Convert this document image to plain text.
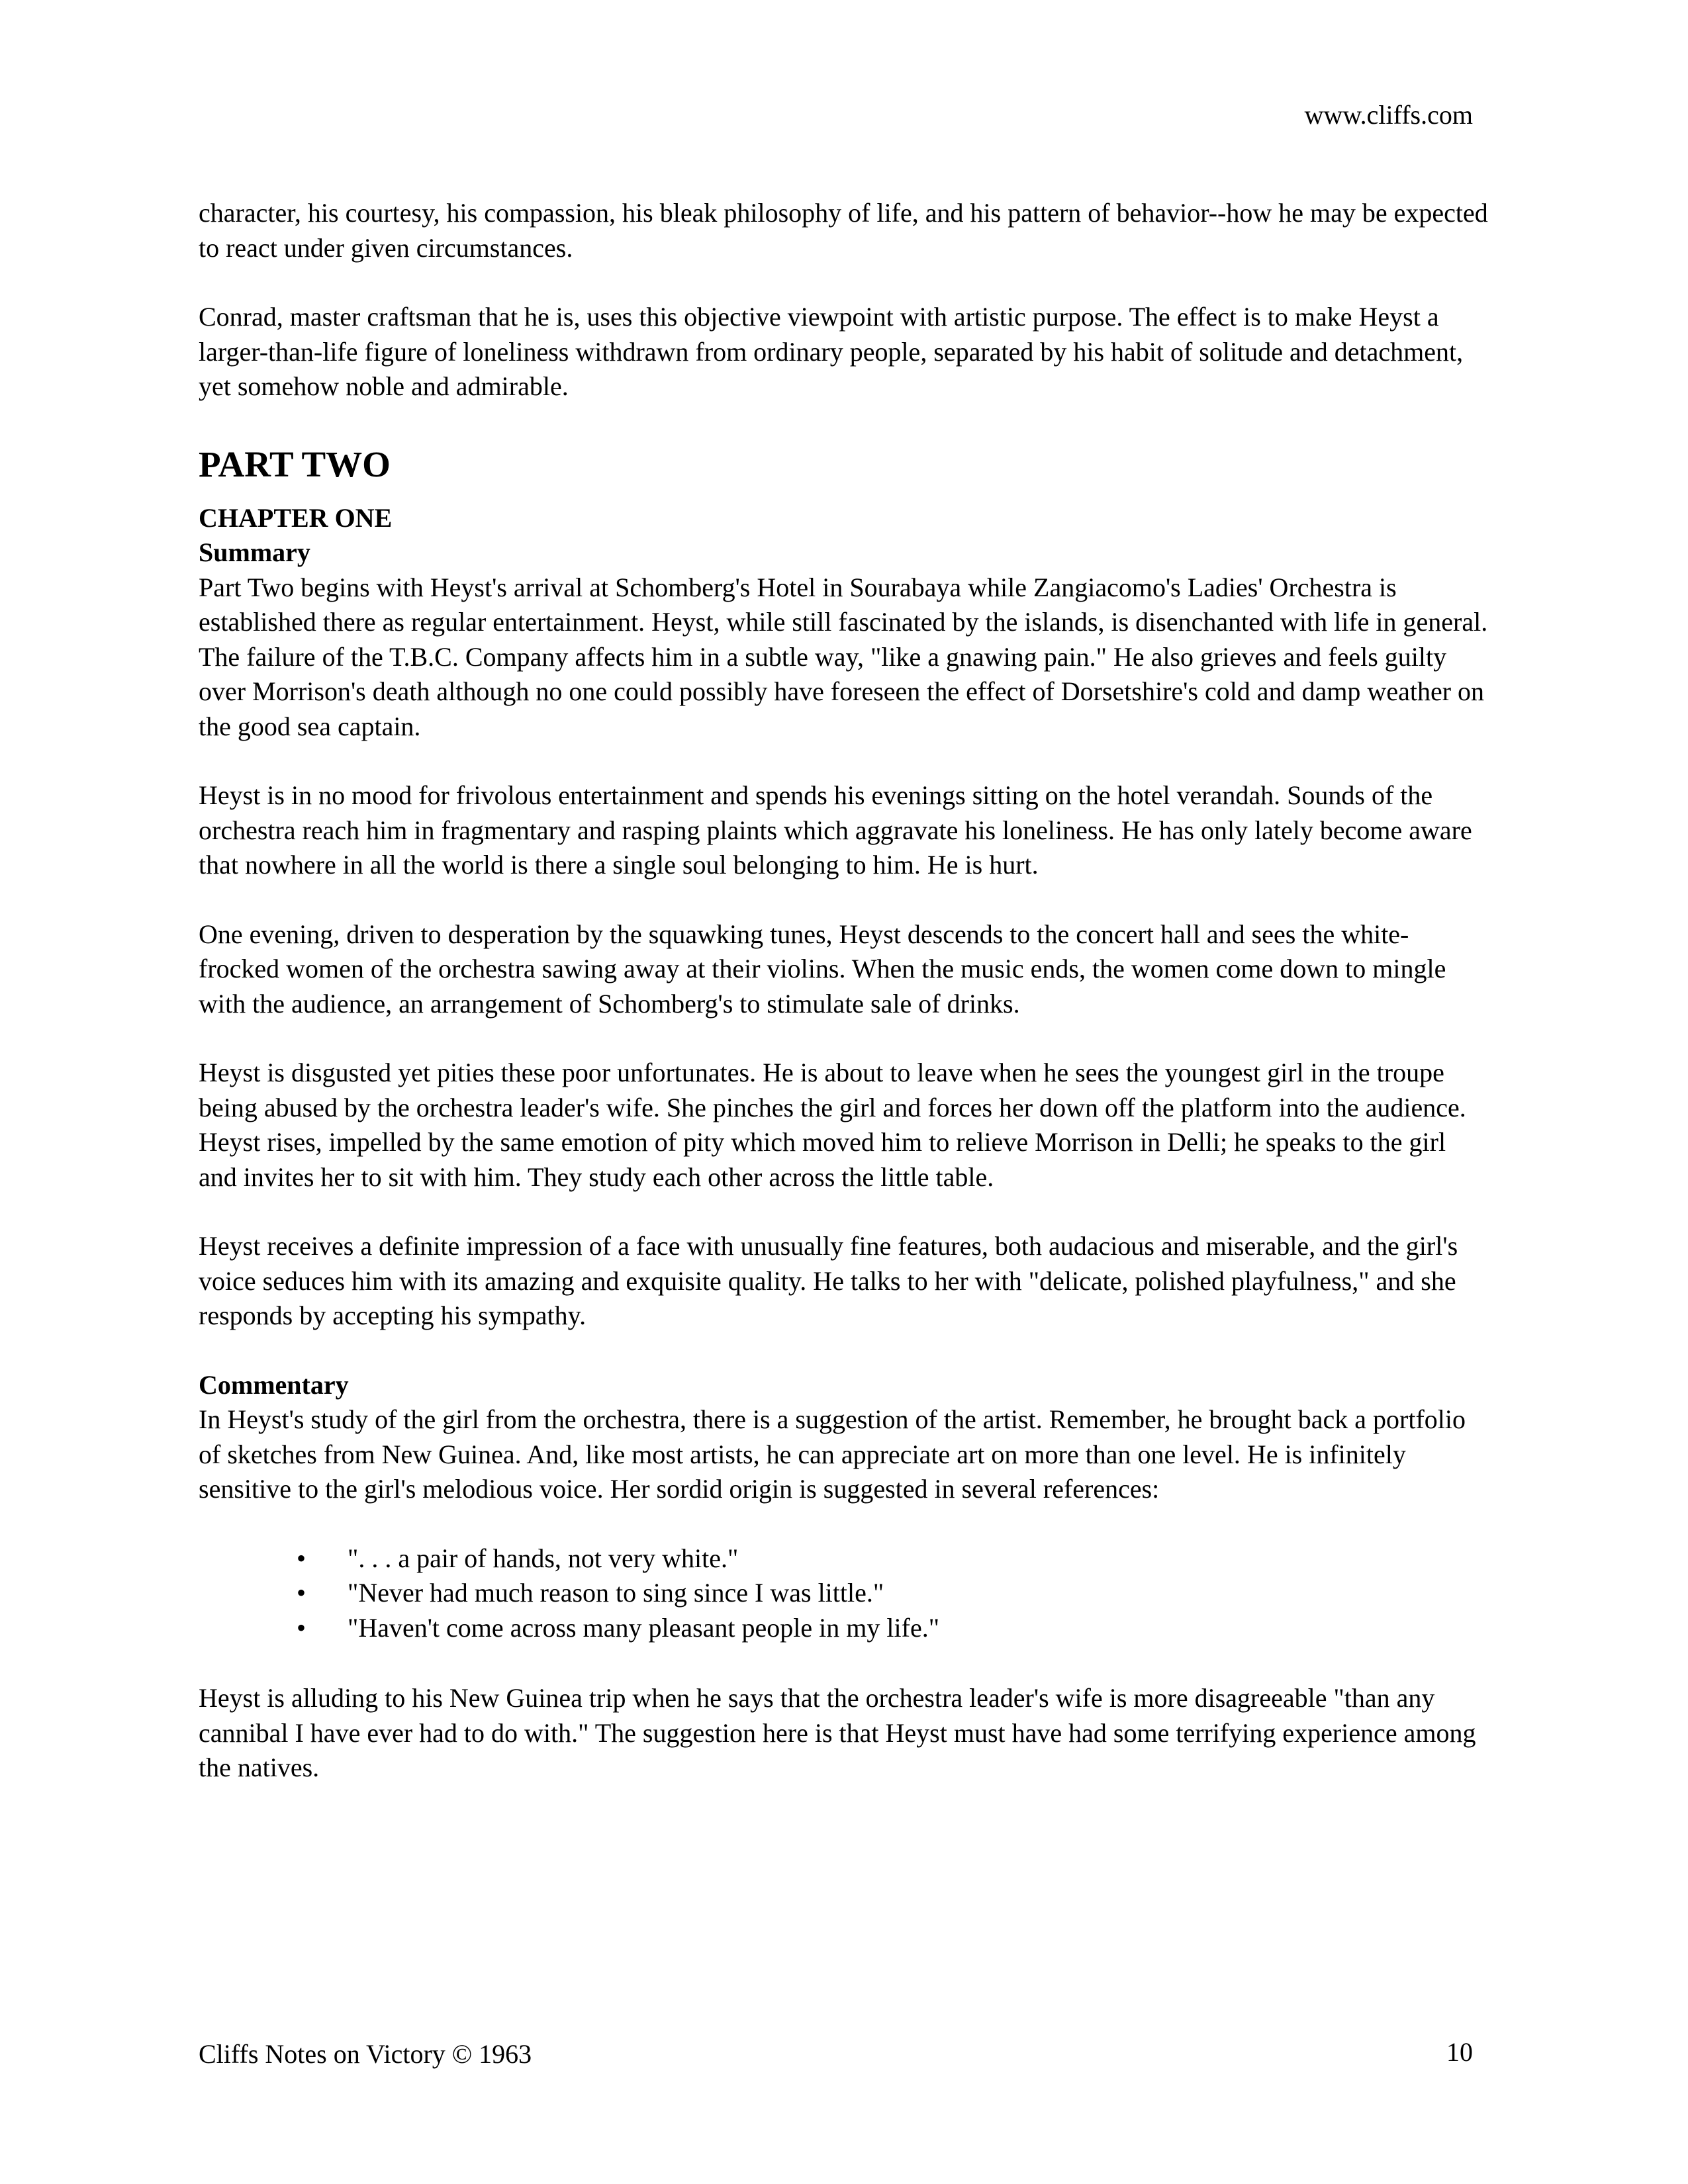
www.cliffs.com

character, his courtesy, his compassion, his bleak philosophy of life, and his pattern of behavior--how he may be expected to react under given circumstances.

Conrad, master craftsman that he is, uses this objective viewpoint with artistic purpose. The effect is to make Heyst a larger-than-life figure of loneliness withdrawn from ordinary people, separated by his habit of solitude and detachment, yet somehow noble and admirable.

PART TWO
CHAPTER ONE
Summary

Part Two begins with Heyst's arrival at Schomberg's Hotel in Sourabaya while Zangiacomo's Ladies' Orchestra is established there as regular entertainment. Heyst, while still fascinated by the islands, is disenchanted with life in general. The failure of the T.B.C. Company affects him in a subtle way, "like a gnawing pain." He also grieves and feels guilty over Morrison's death although no one could possibly have foreseen the effect of Dorsetshire's cold and damp weather on the good sea captain.

Heyst is in no mood for frivolous entertainment and spends his evenings sitting on the hotel verandah. Sounds of the orchestra reach him in fragmentary and rasping plaints which aggravate his loneliness. He has only lately become aware that nowhere in all the world is there a single soul belonging to him. He is hurt.

One evening, driven to desperation by the squawking tunes, Heyst descends to the concert hall and sees the white-frocked women of the orchestra sawing away at their violins. When the music ends, the women come down to mingle with the audience, an arrangement of Schomberg's to stimulate sale of drinks.

Heyst is disgusted yet pities these poor unfortunates. He is about to leave when he sees the youngest girl in the troupe being abused by the orchestra leader's wife. She pinches the girl and forces her down off the platform into the audience. Heyst rises, impelled by the same emotion of pity which moved him to relieve Morrison in Delli; he speaks to the girl and invites her to sit with him. They study each other across the little table.

Heyst receives a definite impression of a face with unusually fine features, both audacious and miserable, and the girl's voice seduces him with its amazing and exquisite quality. He talks to her with "delicate, polished playfulness," and she responds by accepting his sympathy.

Commentary

In Heyst's study of the girl from the orchestra, there is a suggestion of the artist. Remember, he brought back a portfolio of sketches from New Guinea. And, like most artists, he can appreciate art on more than one level. He is infinitely sensitive to the girl's melodious voice. Her sordid origin is suggested in several references:

• ". . . a pair of hands, not very white."
• "Never had much reason to sing since I was little."
• "Haven't come across many pleasant people in my life."

Heyst is alluding to his New Guinea trip when he says that the orchestra leader's wife is more disagreeable "than any cannibal I have ever had to do with." The suggestion here is that Heyst must have had some terrifying experience among the natives.

Cliffs Notes on Victory © 1963	10
